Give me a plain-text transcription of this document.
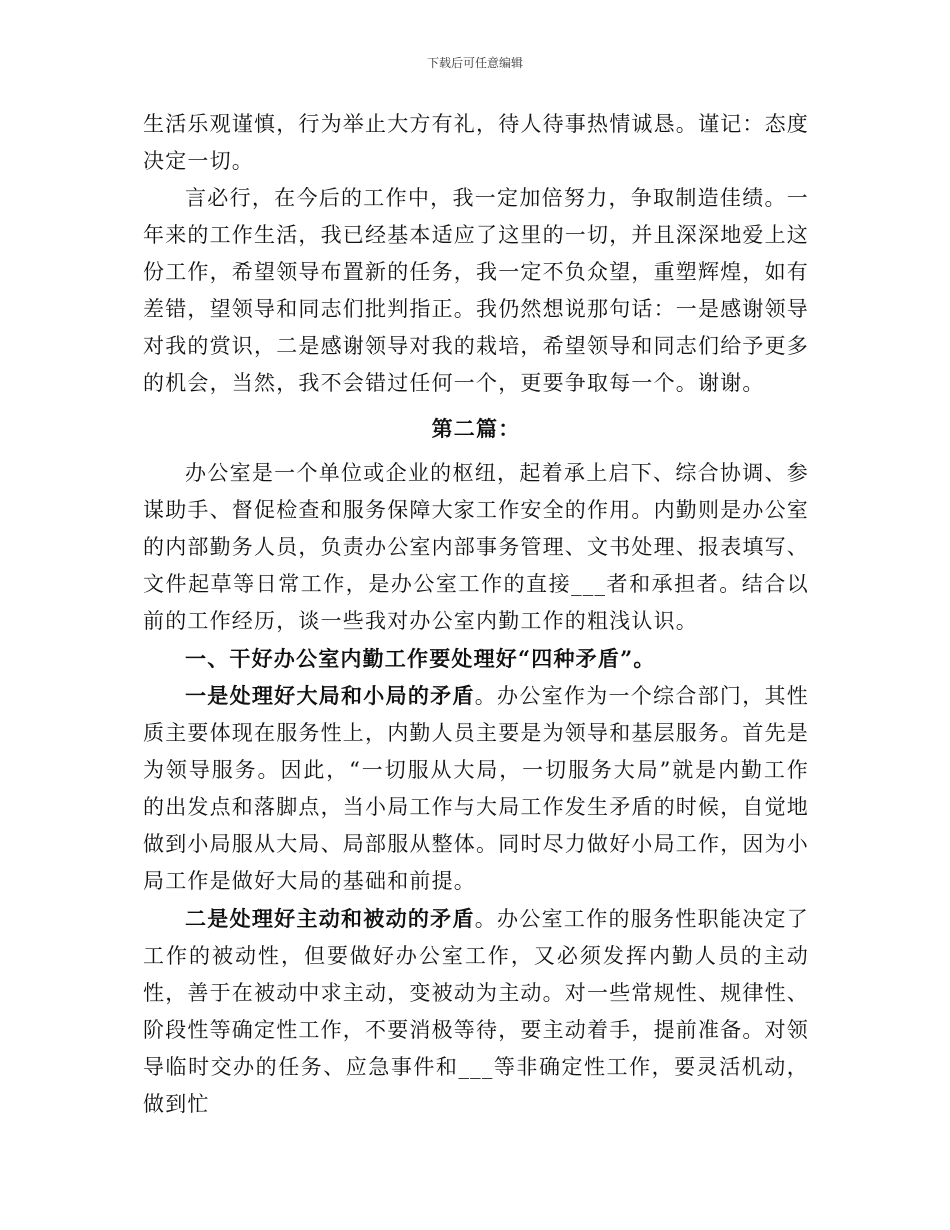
下载后可任意编辑

生活乐观谨慎，行为举止大方有礼，待人待事热情诚恳。谨记：态度决定一切。

言必行，在今后的工作中，我一定加倍努力，争取制造佳绩。一年来的工作生活，我已经基本适应了这里的一切，并且深深地爱上这份工作，希望领导布置新的任务，我一定不负众望，重塑辉煌，如有差错，望领导和同志们批判指正。我仍然想说那句话：一是感谢领导对我的赏识，二是感谢领导对我的栽培，希望领导和同志们给予更多的机会，当然，我不会错过任何一个，更要争取每一个。谢谢。

第二篇：

办公室是一个单位或企业的枢纽，起着承上启下、综合协调、参谋助手、督促检查和服务保障大家工作安全的作用。内勤则是办公室的内部勤务人员，负责办公室内部事务管理、文书处理、报表填写、文件起草等日常工作，是办公室工作的直接___者和承担者。结合以前的工作经历，谈一些我对办公室内勤工作的粗浅认识。

一、干好办公室内勤工作要处理好“四种矛盾”。

一是处理好大局和小局的矛盾。办公室作为一个综合部门，其性质主要体现在服务性上，内勤人员主要是为领导和基层服务。首先是为领导服务。因此，“一切服从大局，一切服务大局”就是内勤工作的出发点和落脚点，当小局工作与大局工作发生矛盾的时候，自觉地做到小局服从大局、局部服从整体。同时尽力做好小局工作，因为小局工作是做好大局的基础和前提。

二是处理好主动和被动的矛盾。办公室工作的服务性职能决定了工作的被动性，但要做好办公室工作，又必须发挥内勤人员的主动性，善于在被动中求主动，变被动为主动。对一些常规性、规律性、阶段性等确定性工作，不要消极等待，要主动着手，提前准备。对领导临时交办的任务、应急事件和___等非确定性工作，要灵活机动，做到忙
